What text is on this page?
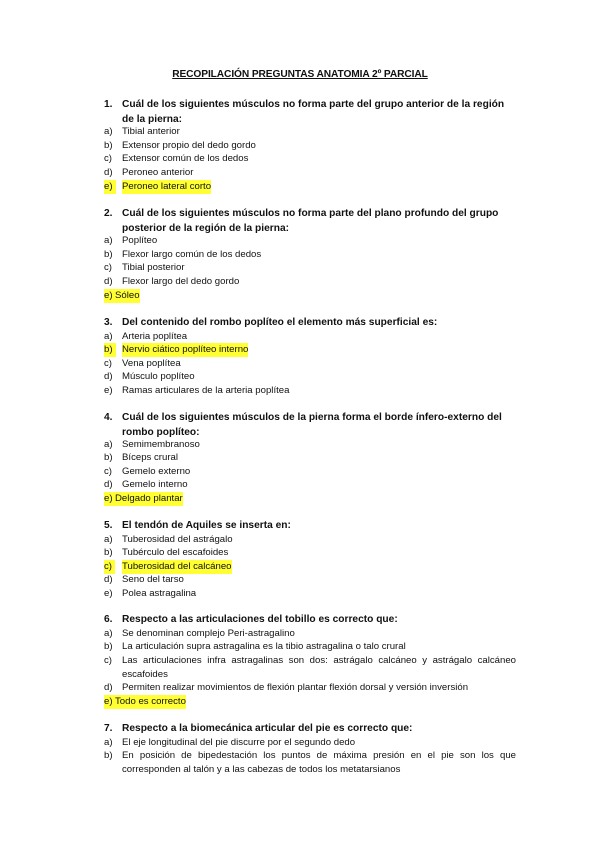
RECOPILACIÓN PREGUNTAS ANATOMIA 2º PARCIAL
1. Cuál de los siguientes músculos no forma parte del grupo anterior de la región de la pierna:
a) Tibial anterior
b) Extensor propio del dedo gordo
c) Extensor común de los dedos
d) Peroneo anterior
e) Peroneo lateral corto
2. Cuál de los siguientes músculos no forma parte del plano profundo del grupo posterior de la región de la pierna:
a) Poplíteo
b) Flexor largo común de los dedos
c) Tibial posterior
d) Flexor largo del dedo gordo
e) Sóleo
3. Del contenido del rombo poplíteo el elemento más superficial es:
a) Arteria poplítea
b) Nervio ciático poplíteo interno
c) Vena poplítea
d) Músculo poplíteo
e) Ramas articulares de la arteria poplítea
4. Cuál de los siguientes músculos de la pierna forma el borde ínfero-externo del rombo poplíteo:
a) Semimembranoso
b) Bíceps crural
c) Gemelo externo
d) Gemelo interno
e) Delgado plantar
5. El tendón de Aquiles se inserta en:
a) Tuberosidad del astrágalo
b) Tubérculo del escafoides
c)	Tuberosidad del calcáneo
d) Seno del tarso
e) Polea astragalina
6. Respecto a las articulaciones del tobillo es correcto que:
a) Se denominan complejo Peri-astragalino
b) La articulación supra astragalina es la tibio astragalina o talo crural
c)	Las articulaciones infra astragalinas son dos: astrágalo calcáneo y astrágalo calcáneo escafoides
d) Permiten realizar movimientos de flexión plantar flexión dorsal y versión inversión
e) Todo es correcto
7. Respecto a la biomecánica articular del pie es correcto que:
a) El eje longitudinal del pie discurre por el segundo dedo
b) En posición de bipedestación los puntos de máxima presión en el pie son los que corresponden al talón y a las cabezas de todos los metatarsianos
